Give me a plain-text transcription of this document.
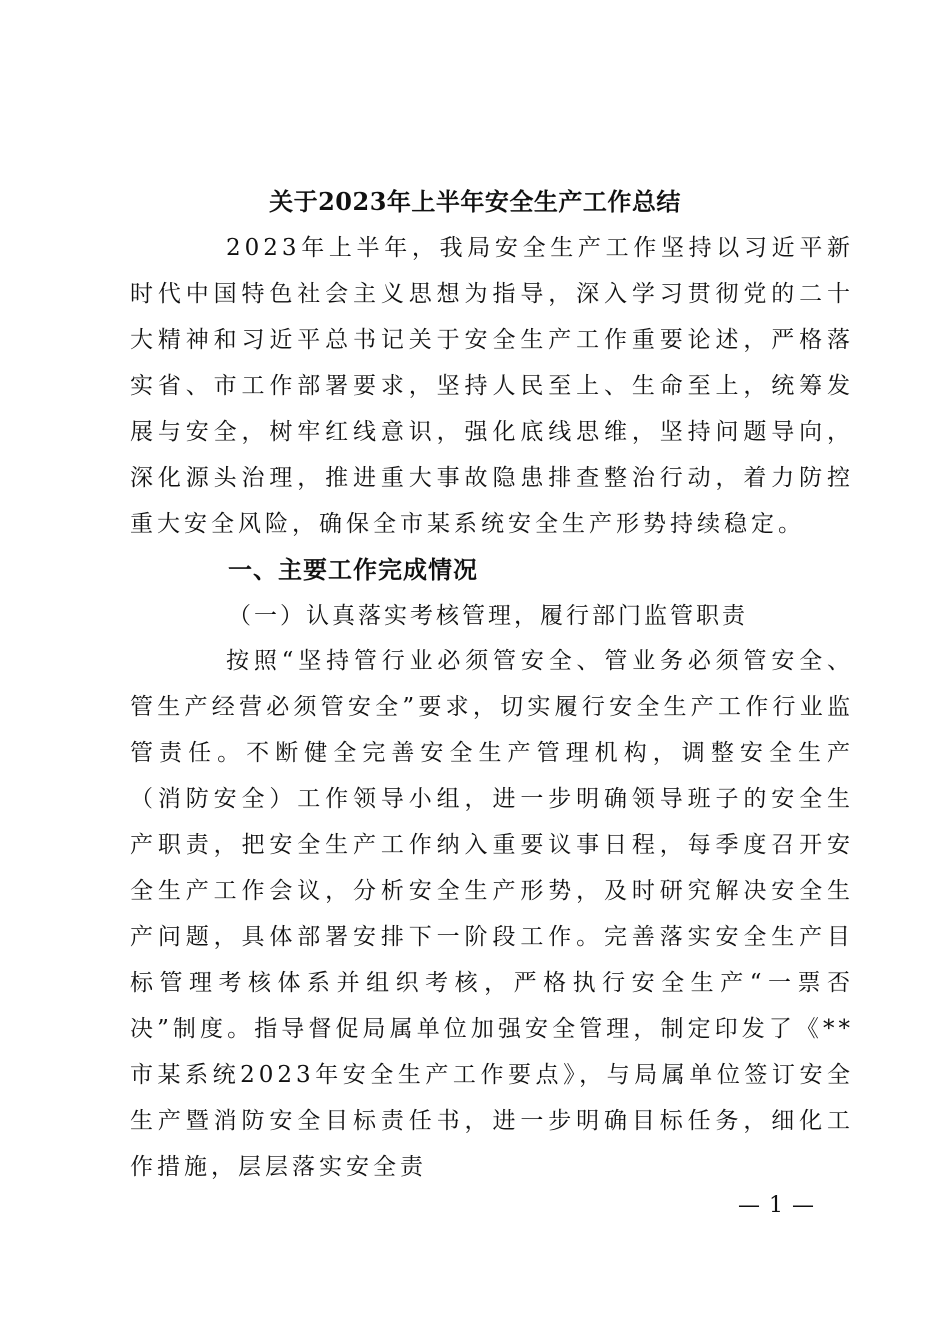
关于2023年上半年安全生产工作总结
2023年上半年，我局安全生产工作坚持以习近平新时代中国特色社会主义思想为指导，深入学习贯彻党的二十大精神和习近平总书记关于安全生产工作重要论述，严格落实省、市工作部署要求，坚持人民至上、生命至上，统筹发展与安全，树牢红线意识，强化底线思维，坚持问题导向，深化源头治理，推进重大事故隐患排查整治行动，着力防控重大安全风险，确保全市某系统安全生产形势持续稳定。
一、主要工作完成情况
（一）认真落实考核管理，履行部门监管职责
按照“坚持管行业必须管安全、管业务必须管安全、管生产经营必须管安全”要求，切实履行安全生产工作行业监管责任。不断健全完善安全生产管理机构，调整安全生产（消防安全）工作领导小组，进一步明确领导班子的安全生产职责，把安全生产工作纳入重要议事日程，每季度召开安全生产工作会议，分析安全生产形势，及时研究解决安全生产问题，具体部署安排下一阶段工作。完善落实安全生产目标管理考核体系并组织考核，严格执行安全生产“一票否决”制度。指导督促局属单位加强安全管理，制定印发了《**市某系统2023年安全生产工作要点》，与局属单位签订安全生产暨消防安全目标责任书，进一步明确目标任务，细化工作措施，层层落实安全责
— 1 —
